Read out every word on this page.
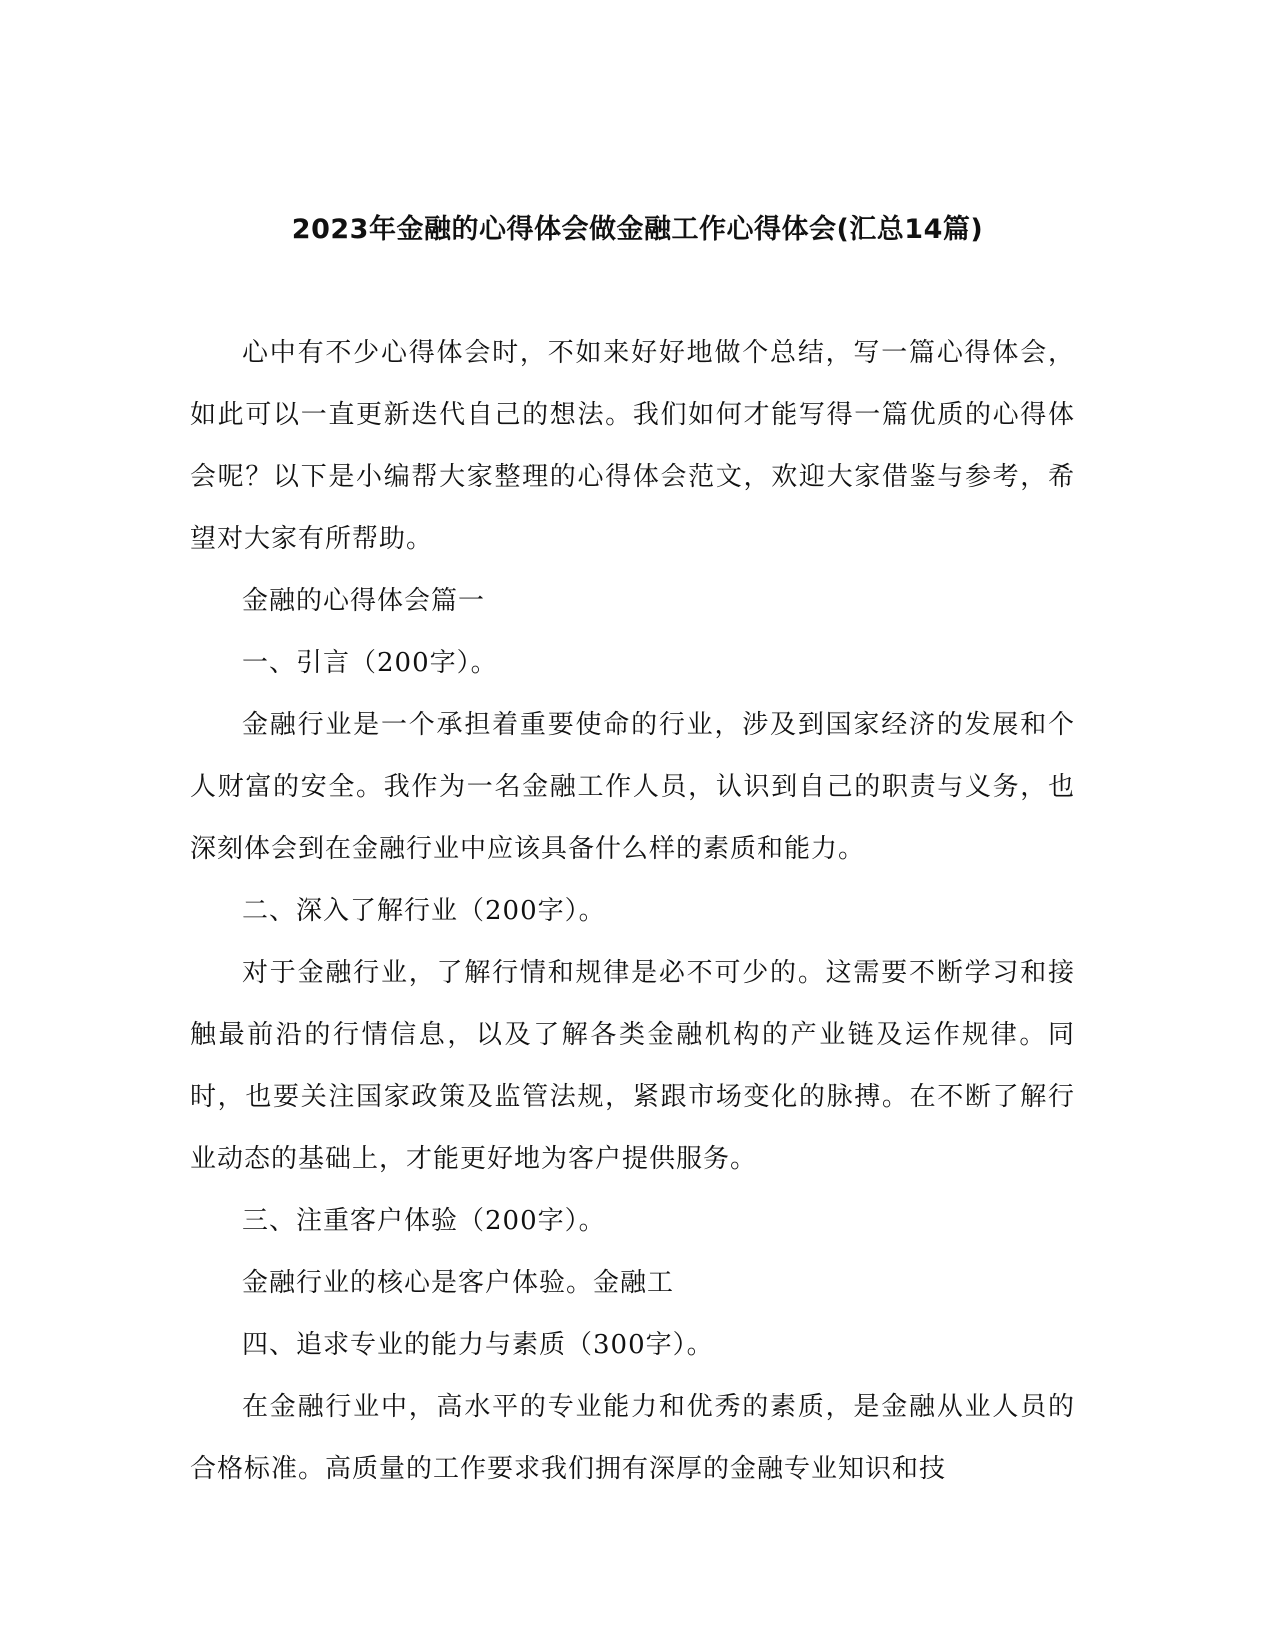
2023年金融的心得体会做金融工作心得体会(汇总14篇)

心中有不少心得体会时，不如来好好地做个总结，写一篇心得体会，如此可以一直更新迭代自己的想法。我们如何才能写得一篇优质的心得体会呢？以下是小编帮大家整理的心得体会范文，欢迎大家借鉴与参考，希望对大家有所帮助。

金融的心得体会篇一

一、引言（200字）。

金融行业是一个承担着重要使命的行业，涉及到国家经济的发展和个人财富的安全。我作为一名金融工作人员，认识到自己的职责与义务，也深刻体会到在金融行业中应该具备什么样的素质和能力。

二、深入了解行业（200字）。

对于金融行业，了解行情和规律是必不可少的。这需要不断学习和接触最前沿的行情信息，以及了解各类金融机构的产业链及运作规律。同时，也要关注国家政策及监管法规，紧跟市场变化的脉搏。在不断了解行业动态的基础上，才能更好地为客户提供服务。

三、注重客户体验（200字）。

金融行业的核心是客户体验。金融工

四、追求专业的能力与素质（300字）。

在金融行业中，高水平的专业能力和优秀的素质，是金融从业人员的合格标准。高质量的工作要求我们拥有深厚的金融专业知识和技
